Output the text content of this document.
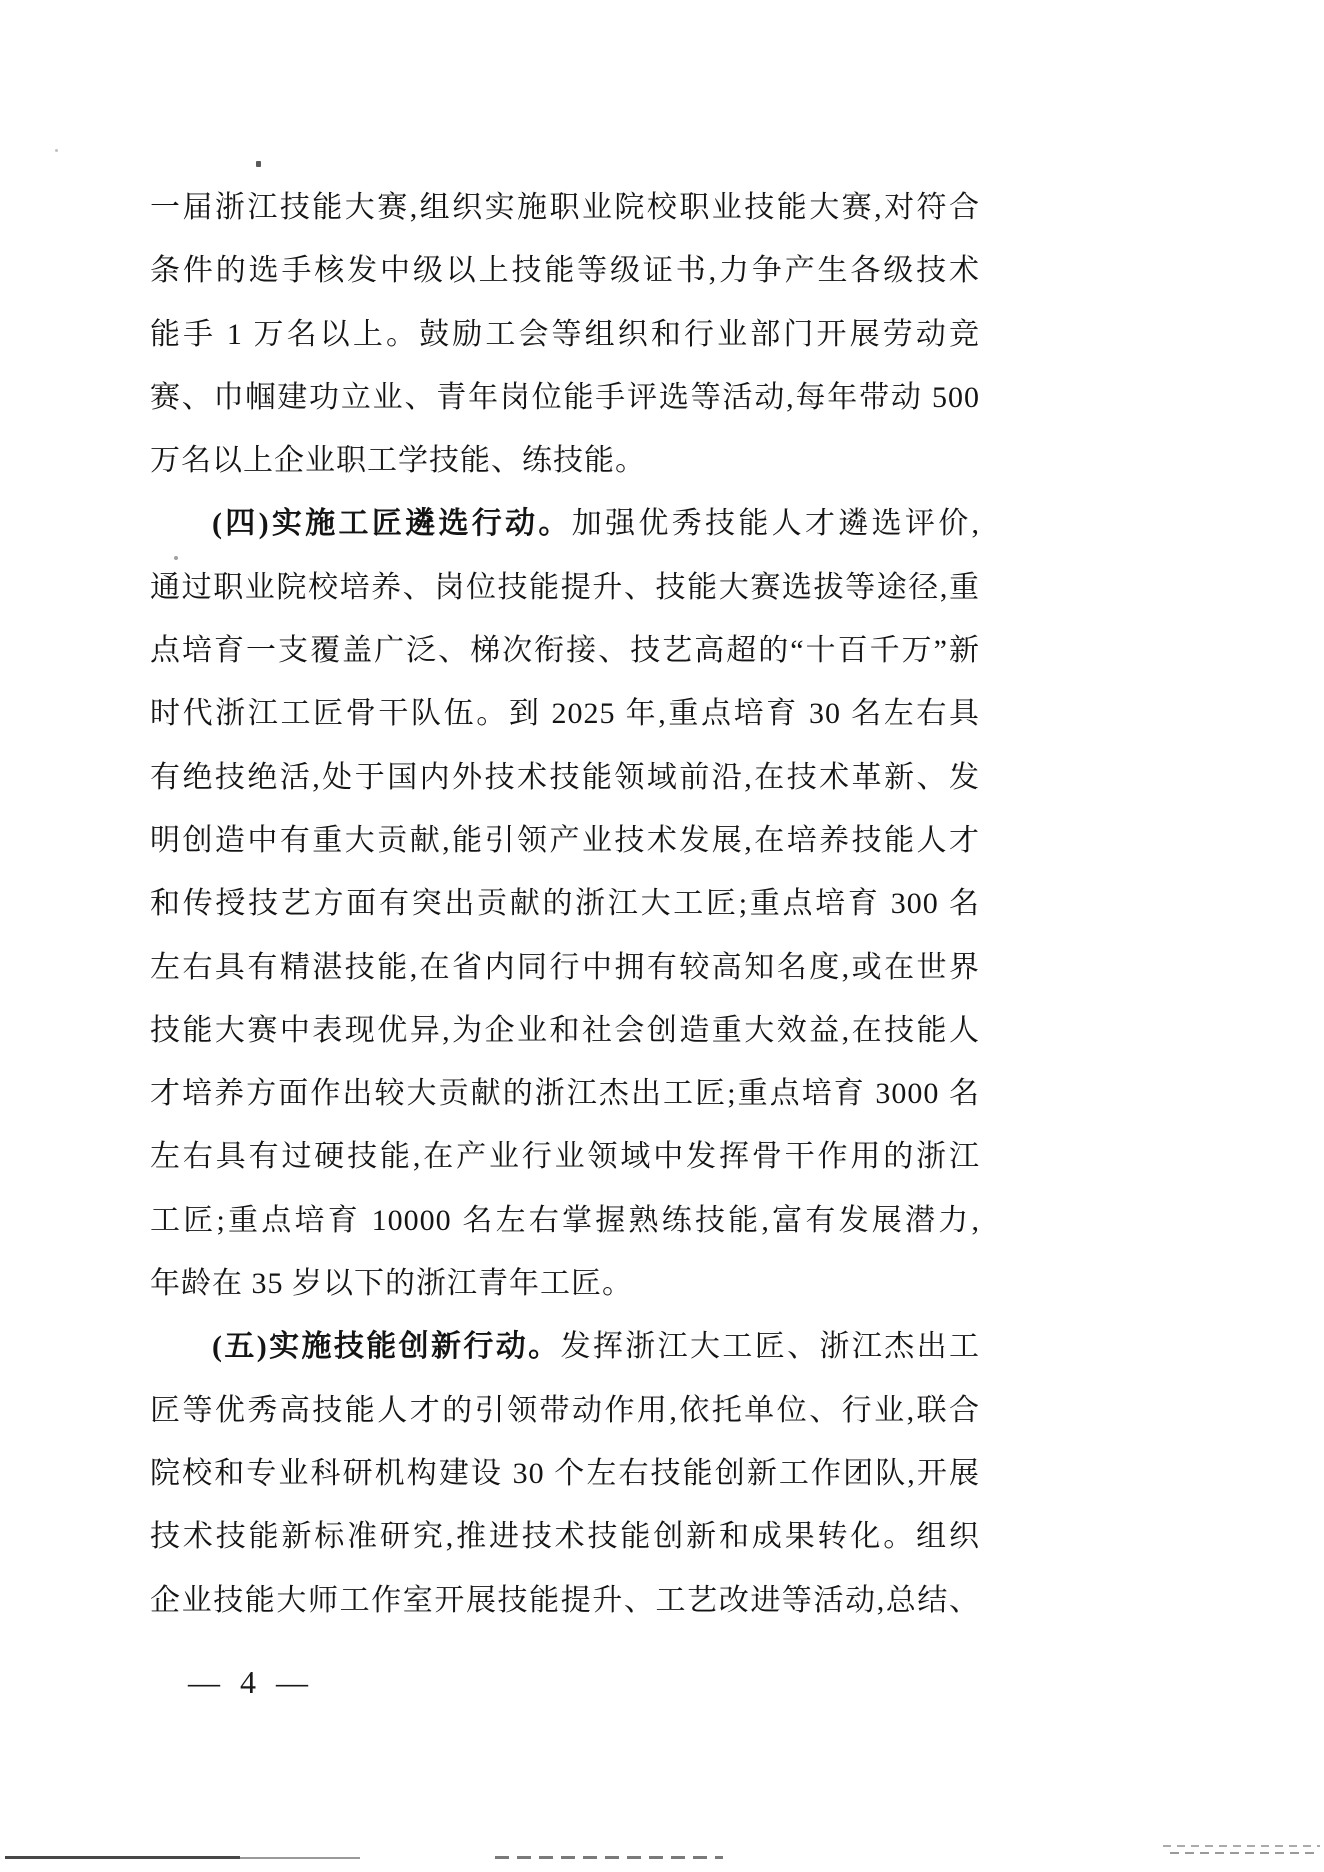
一届浙江技能大赛,组织实施职业院校职业技能大赛,对符合
条件的选手核发中级以上技能等级证书,力争产生各级技术
能手 1 万名以上。鼓励工会等组织和行业部门开展劳动竞
赛、巾帼建功立业、青年岗位能手评选等活动,每年带动 500
万名以上企业职工学技能、练技能。
(四)实施工匠遴选行动。加强优秀技能人才遴选评价,
通过职业院校培养、岗位技能提升、技能大赛选拔等途径,重
点培育一支覆盖广泛、梯次衔接、技艺高超的“十百千万”新
时代浙江工匠骨干队伍。到 2025 年,重点培育 30 名左右具
有绝技绝活,处于国内外技术技能领域前沿,在技术革新、发
明创造中有重大贡献,能引领产业技术发展,在培养技能人才
和传授技艺方面有突出贡献的浙江大工匠;重点培育 300 名
左右具有精湛技能,在省内同行中拥有较高知名度,或在世界
技能大赛中表现优异,为企业和社会创造重大效益,在技能人
才培养方面作出较大贡献的浙江杰出工匠;重点培育 3000 名
左右具有过硬技能,在产业行业领域中发挥骨干作用的浙江
工匠;重点培育 10000 名左右掌握熟练技能,富有发展潜力,
年龄在 35 岁以下的浙江青年工匠。
(五)实施技能创新行动。发挥浙江大工匠、浙江杰出工
匠等优秀高技能人才的引领带动作用,依托单位、行业,联合
院校和专业科研机构建设 30 个左右技能创新工作团队,开展
技术技能新标准研究,推进技术技能创新和成果转化。组织
企业技能大师工作室开展技能提升、工艺改进等活动,总结、
— 4 —
